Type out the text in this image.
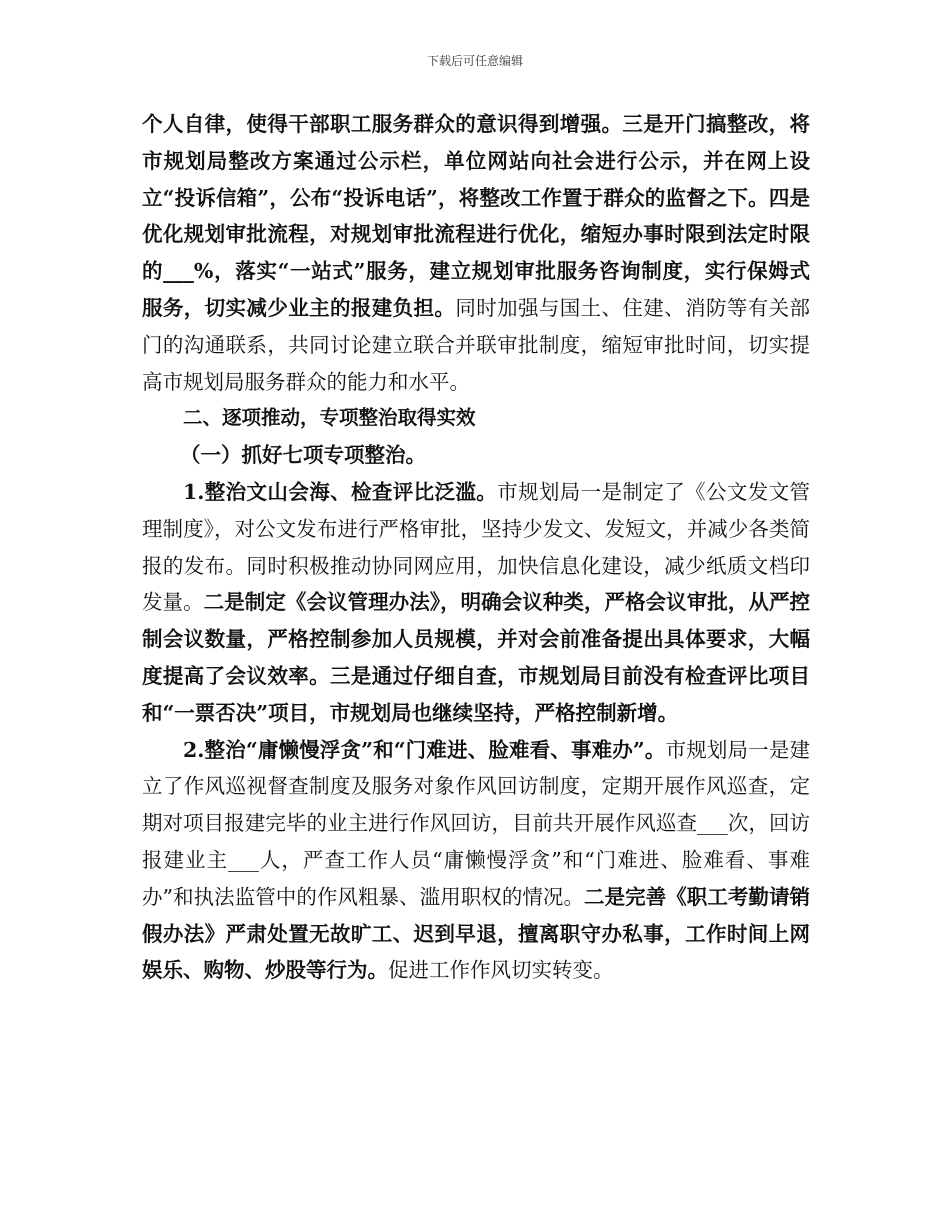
下载后可任意编辑

个人自律，使得干部职工服务群众的意识得到增强。三是开门搞整改，将市规划局整改方案通过公示栏，单位网站向社会进行公示，并在网上设立“投诉信箱”，公布“投诉电话”，将整改工作置于群众的监督之下。四是优化规划审批流程，对规划审批流程进行优化，缩短办事时限到法定时限的___%，落实“一站式”服务，建立规划审批服务咨询制度，实行保姆式服务，切实减少业主的报建负担。同时加强与国土、住建、消防等有关部门的沟通联系，共同讨论建立联合并联审批制度，缩短审批时间，切实提高市规划局服务群众的能力和水平。

二、逐项推动，专项整治取得实效

（一）抓好七项专项整治。

1.整治文山会海、检查评比泛滥。市规划局一是制定了《公文发文管理制度》，对公文发布进行严格审批，坚持少发文、发短文，并减少各类简报的发布。同时积极推动协同网应用，加快信息化建设，减少纸质文档印发量。二是制定《会议管理办法》，明确会议种类，严格会议审批，从严控制会议数量，严格控制参加人员规模，并对会前准备提出具体要求，大幅度提高了会议效率。三是通过仔细自查，市规划局目前没有检查评比项目和“一票否决”项目，市规划局也继续坚持，严格控制新增。

2.整治“庸懒慢浮贪”和“门难进、脸难看、事难办”。市规划局一是建立了作风巡视督查制度及服务对象作风回访制度，定期开展作风巡查，定期对项目报建完毕的业主进行作风回访，目前共开展作风巡查___次，回访报建业主___人，严查工作人员“庸懒慢浮贪”和“门难进、脸难看、事难办”和执法监管中的作风粗暴、滥用职权的情况。二是完善《职工考勤请销假办法》严肃处置无故旷工、迟到早退，擅离职守办私事，工作时间上网娱乐、购物、炒股等行为。促进工作作风切实转变。
